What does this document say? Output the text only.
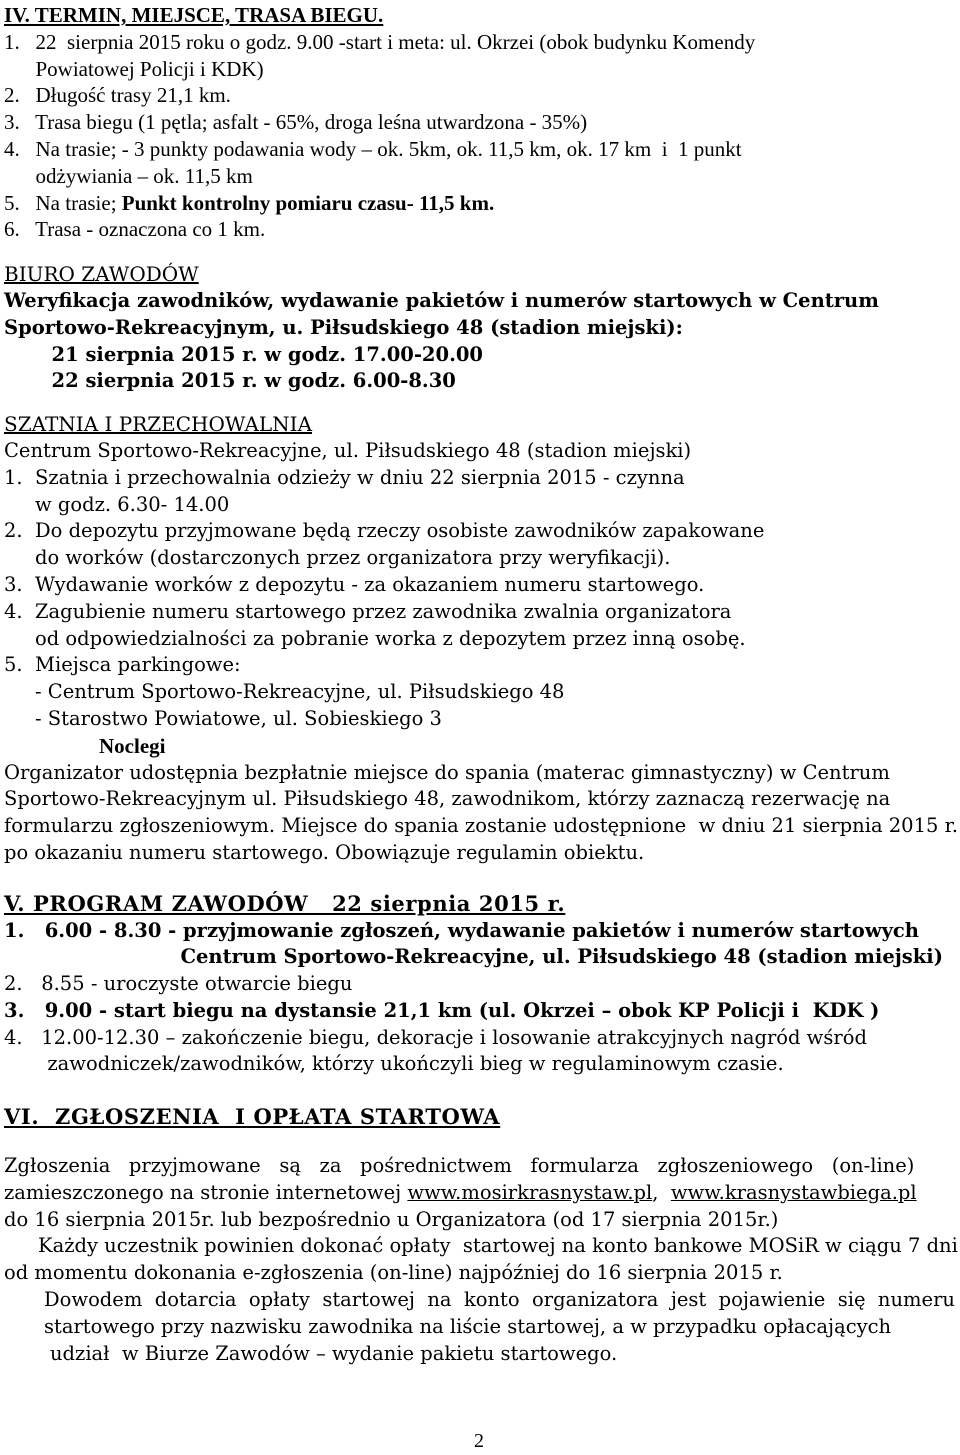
IV. TERMIN, MIEJSCE, TRASA BIEGU.
1.   22  sierpnia 2015 roku o godz. 9.00 -start i meta: ul. Okrzei (obok budynku Komendy
Powiatowej Policji i KDK)
2.   Długość trasy 21,1 km.
3.   Trasa biegu (1 pętla; asfalt - 65%, droga leśna utwardzona - 35%)
4.   Na trasie; - 3 punkty podawania wody – ok. 5km, ok. 11,5 km, ok. 17 km  i  1 punkt
odżywiania – ok. 11,5 km
5.   Na trasie; Punkt kontrolny pomiaru czasu- 11,5 km.
6.   Trasa - oznaczona co 1 km.
BIURO ZAWODÓW
Weryfikacja zawodników, wydawanie pakietów i numerów startowych w Centrum
Sportowo-Rekreacyjnym, u. Piłsudskiego 48 (stadion miejski):
21 sierpnia 2015 r. w godz. 17.00-20.00
22 sierpnia 2015 r. w godz. 6.00-8.30
SZATNIA I PRZECHOWALNIA
Centrum Sportowo-Rekreacyjne, ul. Piłsudskiego 48 (stadion miejski)
1.  Szatnia i przechowalnia odzieży w dniu 22 sierpnia 2015 - czynna
w godz. 6.30- 14.00
2.  Do depozytu przyjmowane będą rzeczy osobiste zawodników zapakowane
do worków (dostarczonych przez organizatora przy weryfikacji).
3.  Wydawanie worków z depozytu - za okazaniem numeru startowego.
4.  Zagubienie numeru startowego przez zawodnika zwalnia organizatora
od odpowiedzialności za pobranie worka z depozytem przez inną osobę.
5.  Miejsca parkingowe:
- Centrum Sportowo-Rekreacyjne, ul. Piłsudskiego 48
- Starostwo Powiatowe, ul. Sobieskiego 3
Noclegi
Organizator udostępnia bezpłatnie miejsce do spania (materac gimnastyczny) w Centrum
Sportowo-Rekreacyjnym ul. Piłsudskiego 48, zawodnikom, którzy zaznaczą rezerwację na
formularzu zgłoszeniowym. Miejsce do spania zostanie udostępnione  w dniu 21 sierpnia 2015 r.
po okazaniu numeru startowego. Obowiązuje regulamin obiektu.
V. PROGRAM ZAWODÓW   22 sierpnia 2015 r.
1.   6.00 - 8.30 - przyjmowanie zgłoszeń, wydawanie pakietów i numerów startowych
Centrum Sportowo-Rekreacyjne, ul. Piłsudskiego 48 (stadion miejski)
2.   8.55 - uroczyste otwarcie biegu
3.   9.00 - start biegu na dystansie 21,1 km (ul. Okrzei – obok KP Policji i  KDK )
4.   12.00-12.30 – zakończenie biegu, dekoracje i losowanie atrakcyjnych nagród wśród
zawodniczek/zawodników, którzy ukończyli bieg w regulaminowym czasie.
VI.  ZGŁOSZENIA  I OPŁATA STARTOWA
Zgłoszenia   przyjmowane   są   za   pośrednictwem   formularza   zgłoszeniowego   (on-line)
zamieszczonego na stronie internetowej www.mosirkrasnystaw.pl,  www.krasnystawbiega.pl
do 16 sierpnia 2015r. lub bezpośrednio u Organizatora (od 17 sierpnia 2015r.)
Każdy uczestnik powinien dokonać opłaty  startowej na konto bankowe MOSiR w ciągu 7 dni
od momentu dokonania e-zgłoszenia (on-line) najpóźniej do 16 sierpnia 2015 r.
Dowodem  dotarcia  opłaty  startowej  na  konto  organizatora  jest  pojawienie  się  numeru
startowego przy nazwisku zawodnika na liście startowej, a w przypadku opłacających
udział  w Biurze Zawodów – wydanie pakietu startowego.
2
